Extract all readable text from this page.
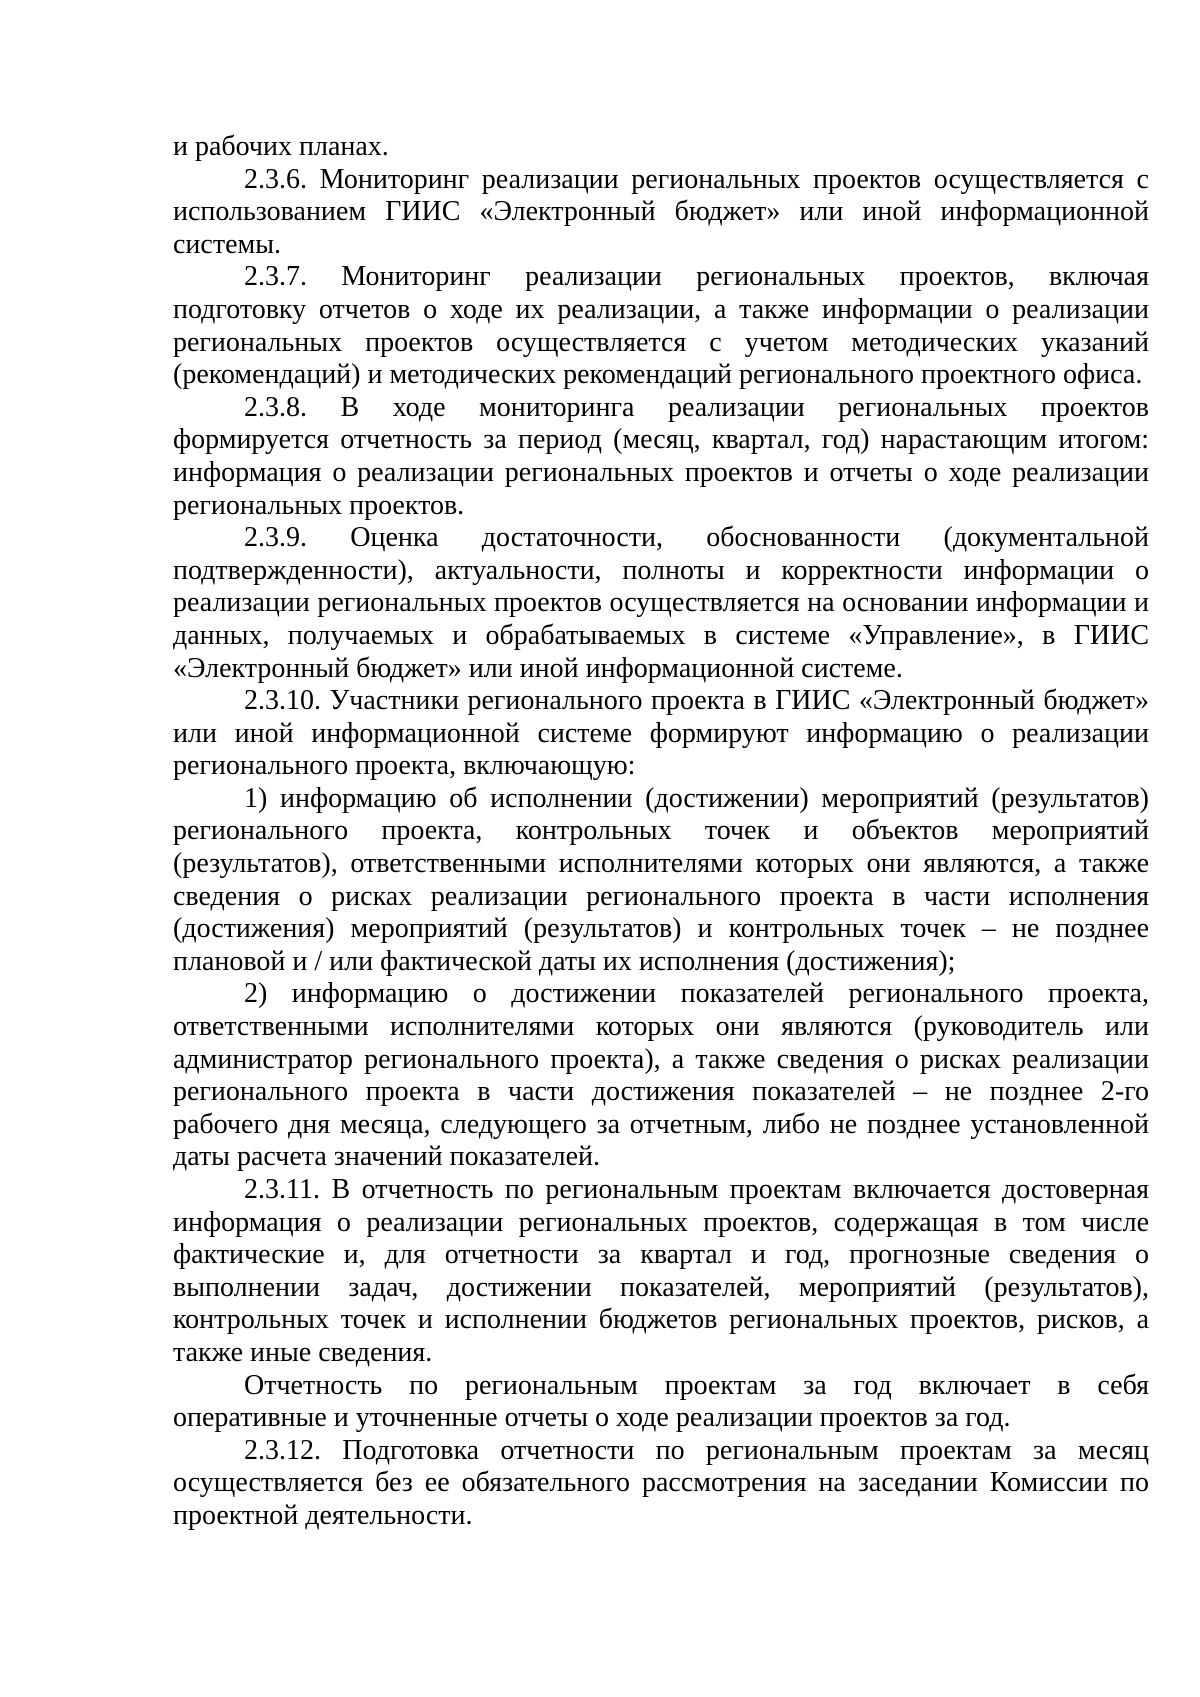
и рабочих планах.

2.3.6. Мониторинг реализации региональных проектов осуществляется с использованием ГИИС «Электронный бюджет» или иной информационной системы.

2.3.7. Мониторинг реализации региональных проектов, включая подготовку отчетов о ходе их реализации, а также информации о реализации региональных проектов осуществляется с учетом методических указаний (рекомендаций) и методических рекомендаций регионального проектного офиса.

2.3.8. В ходе мониторинга реализации региональных проектов формируется отчетность за период (месяц, квартал, год) нарастающим итогом: информация о реализации региональных проектов и отчеты о ходе реализации региональных проектов.

2.3.9. Оценка достаточности, обоснованности (документальной подтвержденности), актуальности, полноты и корректности информации о реализации региональных проектов осуществляется на основании информации и данных, получаемых и обрабатываемых в системе «Управление», в ГИИС «Электронный бюджет» или иной информационной системе.

2.3.10. Участники регионального проекта в ГИИС «Электронный бюджет» или иной информационной системе формируют информацию о реализации регионального проекта, включающую:

1) информацию об исполнении (достижении) мероприятий (результатов) регионального проекта, контрольных точек и объектов мероприятий (результатов), ответственными исполнителями которых они являются, а также сведения о рисках реализации регионального проекта в части исполнения (достижения) мероприятий (результатов) и контрольных точек – не позднее плановой и / или фактической даты их исполнения (достижения);

2) информацию о достижении показателей регионального проекта, ответственными исполнителями которых они являются (руководитель или администратор регионального проекта), а также сведения о рисках реализации регионального проекта в части достижения показателей – не позднее 2-го рабочего дня месяца, следующего за отчетным, либо не позднее установленной даты расчета значений показателей.

2.3.11. В отчетность по региональным проектам включается достоверная информация о реализации региональных проектов, содержащая в том числе фактические и, для отчетности за квартал и год, прогнозные сведения о выполнении задач, достижении показателей, мероприятий (результатов), контрольных точек и исполнении бюджетов региональных проектов, рисков, а также иные сведения.

Отчетность по региональным проектам за год включает в себя оперативные и уточненные отчеты о ходе реализации проектов за год.

2.3.12. Подготовка отчетности по региональным проектам за месяц осуществляется без ее обязательного рассмотрения на заседании Комиссии по проектной деятельности.
